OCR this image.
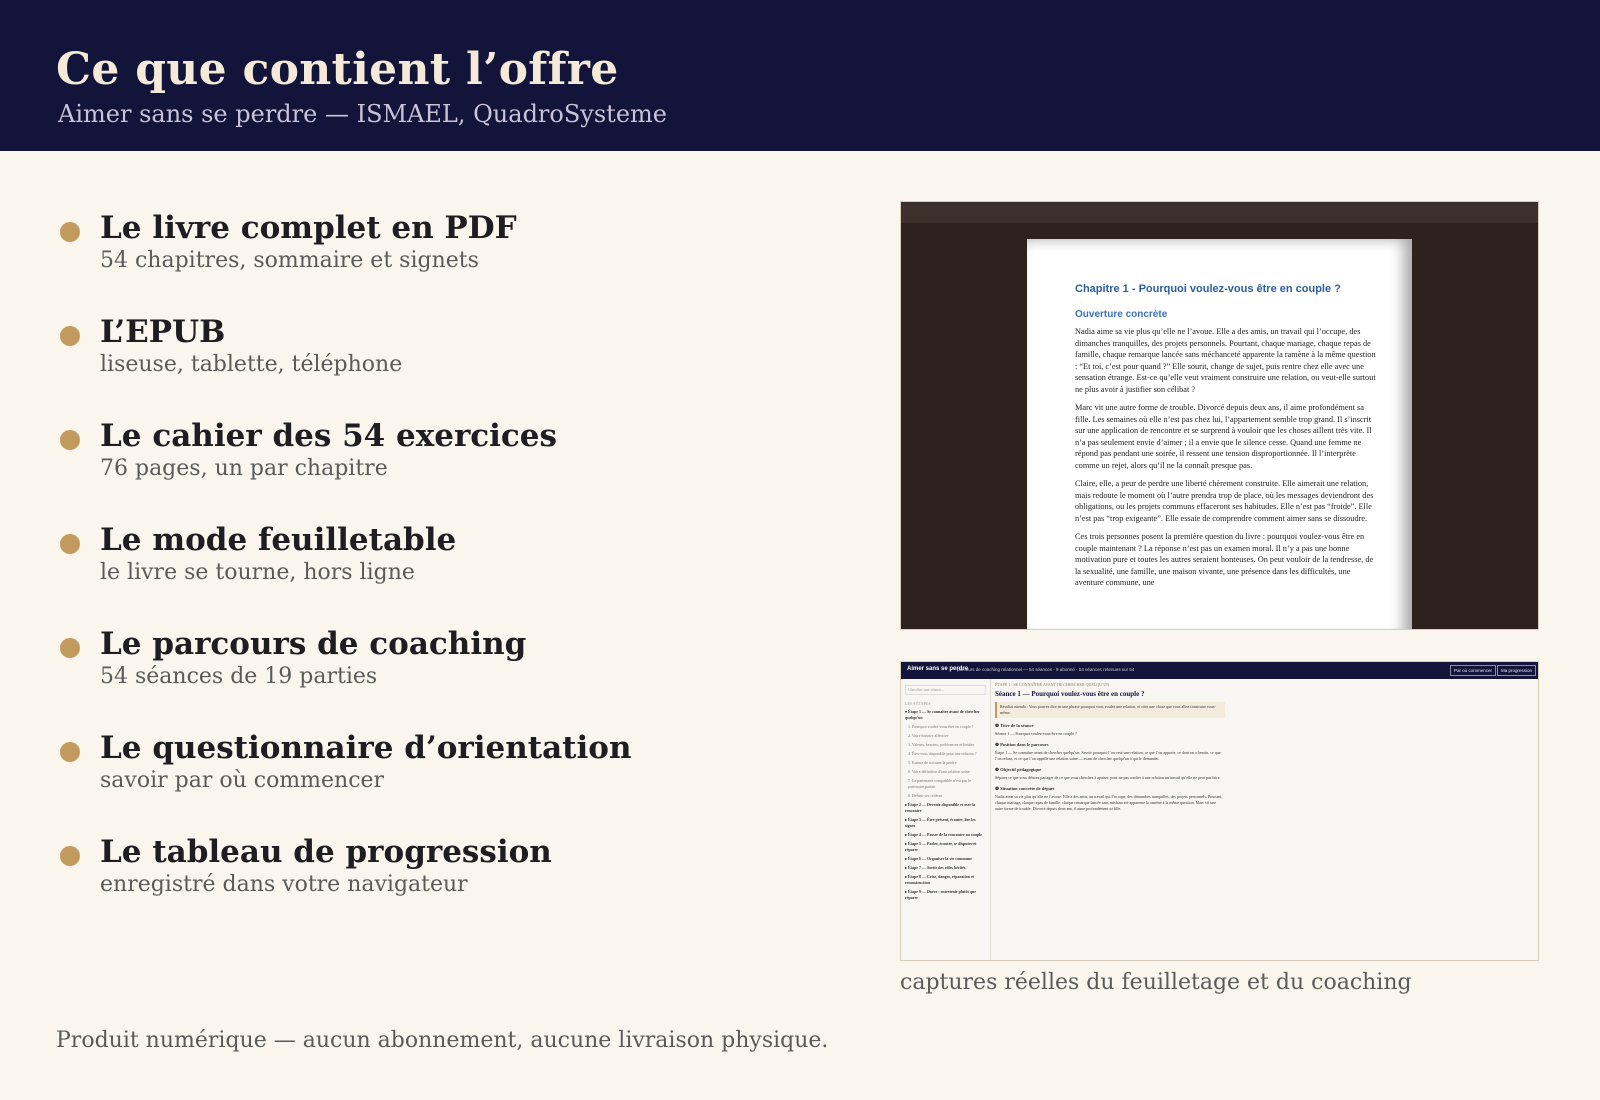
Ce que contient l’offre
Aimer sans se perdre — ISMAEL, QuadroSysteme
Le livre complet en PDF
54 chapitres, sommaire et signets
L’EPUB
liseuse, tablette, téléphone
Le cahier des 54 exercices
76 pages, un par chapitre
Le mode feuilletable
le livre se tourne, hors ligne
Le parcours de coaching
54 séances de 19 parties
Le questionnaire d’orientation
savoir par où commencer
Le tableau de progression
enregistré dans votre navigateur
Chapitre 1 - Pourquoi voulez-vous être en couple ?
Ouverture concrète

Nadia aime sa vie plus qu’elle ne l’avoue. Elle a des amis, un travail qui l’occupe, des dimanches tranquilles, des projets personnels. Pourtant, chaque mariage, chaque repas de famille, chaque remarque lancée sans méchanceté apparente la ramène à la même question : “Et toi, c’est pour quand ?” Elle sourit, change de sujet, puis rentre chez elle avec une sensation étrange. Est-ce qu’elle veut vraiment construire une relation, ou veut-elle surtout ne plus avoir à justifier son célibat ?

Marc vit une autre forme de trouble. Divorcé depuis deux ans, il aime profondément sa fille. Les semaines où elle n’est pas chez lui, l’appartement semble trop grand. Il s’inscrit sur une application de rencontre et se surprend à vouloir que les choses aillent très vite. Il n’a pas seulement envie d’aimer ; il a envie que le silence cesse. Quand une femme ne répond pas pendant une soirée, il ressent une tension disproportionnée. Il l’interprète comme un rejet, alors qu’il ne la connaît presque pas.

Claire, elle, a peur de perdre une liberté chèrement construite. Elle aimerait une relation, mais redoute le moment où l’autre prendra trop de place, où les messages deviendront des obligations, ou les projets communs effaceront ses habitudes. Elle n’est pas “froide”. Elle n’est pas “trop exigeante”. Elle essaie de comprendre comment aimer sans se dissoudre.

Ces trois personnes posent la première question du livre : pourquoi voulez-vous être en couple maintenant ? La réponse n’est pas un examen moral. Il n’y a pas une bonne motivation pure et toutes les autres seraient honteuses. On peut vouloir de la tendresse, de la sexualité, une famille, une maison vivante, une présence dans les difficultés, une aventure commune, une

Aimer sans se perdre
parcours de coaching relationnel — 54 séances · 9 abonné · 54 séances retenues sur 54	Par où commencer	Ma progression
Chercher une séance...
LES 9 ÉTAPES
▾ Étape 1 — Se connaître avant de chercher quelqu’un
1. Pourquoi voulez-vous être en couple ?
2. Votre histoire affective
3. Valeurs, besoins, préférences et limites
4. Êtes-vous disponible pour une relation ?
5. Estime de soi sans la perdre
6. Votre définition d’une relation saine
7. Le partenaire compatible n’est pas le partenaire parfait
8. Définir ses critères
▸ Étape 2 — Devenir disponible et oser la rencontre
▸ Étape 3 — Être présent, écouter, lire les signes
▸ Étape 4 — Passer de la rencontre au couple
▸ Étape 5 — Parler, écouter, se disputer et réparer
▸ Étape 6 — Organiser la vie commune
▸ Étape 7 — Sortir des rôles hérités
▸ Étape 8 — Crise, danger, réparation et reconstruction
▸ Étape 9 — Durer : entretenir plutôt que réparer
ÉTAPE 1 · SE CONNAÎTRE AVANT DE CHERCHER QUELQU’UN
Séance 1 — Pourquoi voulez-vous être en couple ?
Résultat attendu : Vous pouvez dire en une phrase pourquoi vous voulez une relation, et citer une chose que vous allez construire vous-même.
❶ Titre de la séance
Séance 1 — Pourquoi voulez-vous être en couple ?
❷ Position dans le parcours
Étape 1 — Se connaître avant de chercher quelqu’un. Savoir pourquoi l’on veut une relation, ce que l’on apporte, ce dont on a besoin, ce que l’on refuse, et ce que l’on appelle une relation saine — avant de chercher quelqu’un à qui le demander.
❸ Objectif pédagogique
Séparer ce que vous désirez partager de ce que vous cherchez à apaiser, pour ne pas confier à une relation un travail qu’elle ne peut pas faire.
❹ Situation concrète de départ
Nadia aime sa vie plus qu’elle ne l’avoue. Elle a des amis, un travail qui l’occupe, des dimanches tranquilles, des projets personnels. Pourtant, chaque mariage, chaque repas de famille, chaque remarque lancée sans méchanceté apparente la ramène à la même question. Marc vit une autre forme de trouble. Divorcé depuis deux ans, il aime profondément sa fille.
captures réelles du feuilletage et du coaching
Produit numérique — aucun abonnement, aucune livraison physique.
